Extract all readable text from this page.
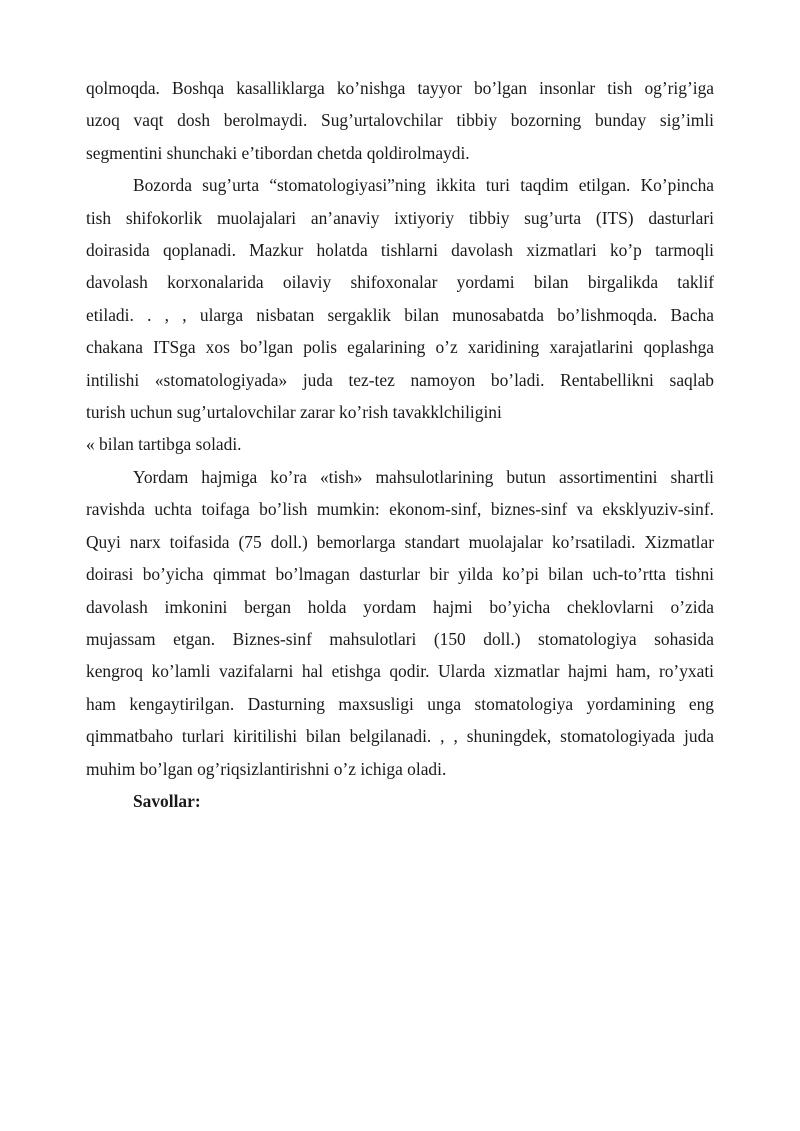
qolmoqda. Boshqa kasalliklarga ko’nishga tayyor bo’lgan insonlar tish og’rig’iga
uzoq vaqt dosh berolmaydi. Sug’urtalovchilar tibbiy bozorning bunday sig’imli
segmentini shunchaki e’tibordan chetda qoldirolmaydi.

Bozorda sug’urta “stomatologiyasi”ning ikkita turi taqdim etilgan. Ko’pincha
tish shifokorlik muolajalari an’anaviy ixtiyoriy tibbiy sug’urta (ITS) dasturlari
doirasida qoplanadi. Mazkur holatda tishlarni davolash xizmatlari ko’p tarmoqli
davolash korxonalarida oilaviy shifoxonalar yordami bilan birgalikda taklif
etiladi. . , , ularga nisbatan sergaklik bilan munosabatda bo’lishmoqda. Bacha
chakana ITSga xos bo’lgan polis egalarining o’z xaridining xarajatlarini qoplashga
intilishi «stomatologiyada» juda tez-tez namoyon bo’ladi. Rentabellikni saqlab
turish uchun sug’urtalovchilar zarar ko’rish tavakklchiligini
« bilan tartibga soladi.

Yordam hajmiga ko’ra «tish» mahsulotlarining butun assortimentini shartli
ravishda uchta toifaga bo’lish mumkin: ekonom-sinf, biznes-sinf va eksklyuziv-sinf.
Quyi narx toifasida (75 doll.) bemorlarga standart muolajalar ko’rsatiladi. Xizmatlar
doirasi bo’yicha qimmat bo’lmagan dasturlar bir yilda ko’pi bilan uch-to’rtta tishni
davolash imkonini bergan holda yordam hajmi bo’yicha cheklovlarni o’zida
mujassam etgan. Biznes-sinf mahsulotlari (150 doll.) stomatologiya sohasida
kengroq ko’lamli vazifalarni hal etishga qodir. Ularda xizmatlar hajmi ham, ro’yxati
ham kengaytirilgan. Dasturning maxsusligi unga stomatologiya yordamining eng
qimmatbaho turlari kiritilishi bilan belgilanadi. , , shuningdek, stomatologiyada juda
muhim bo’lgan og’riqsizlantirishni o’z ichiga oladi.

Savollar:
